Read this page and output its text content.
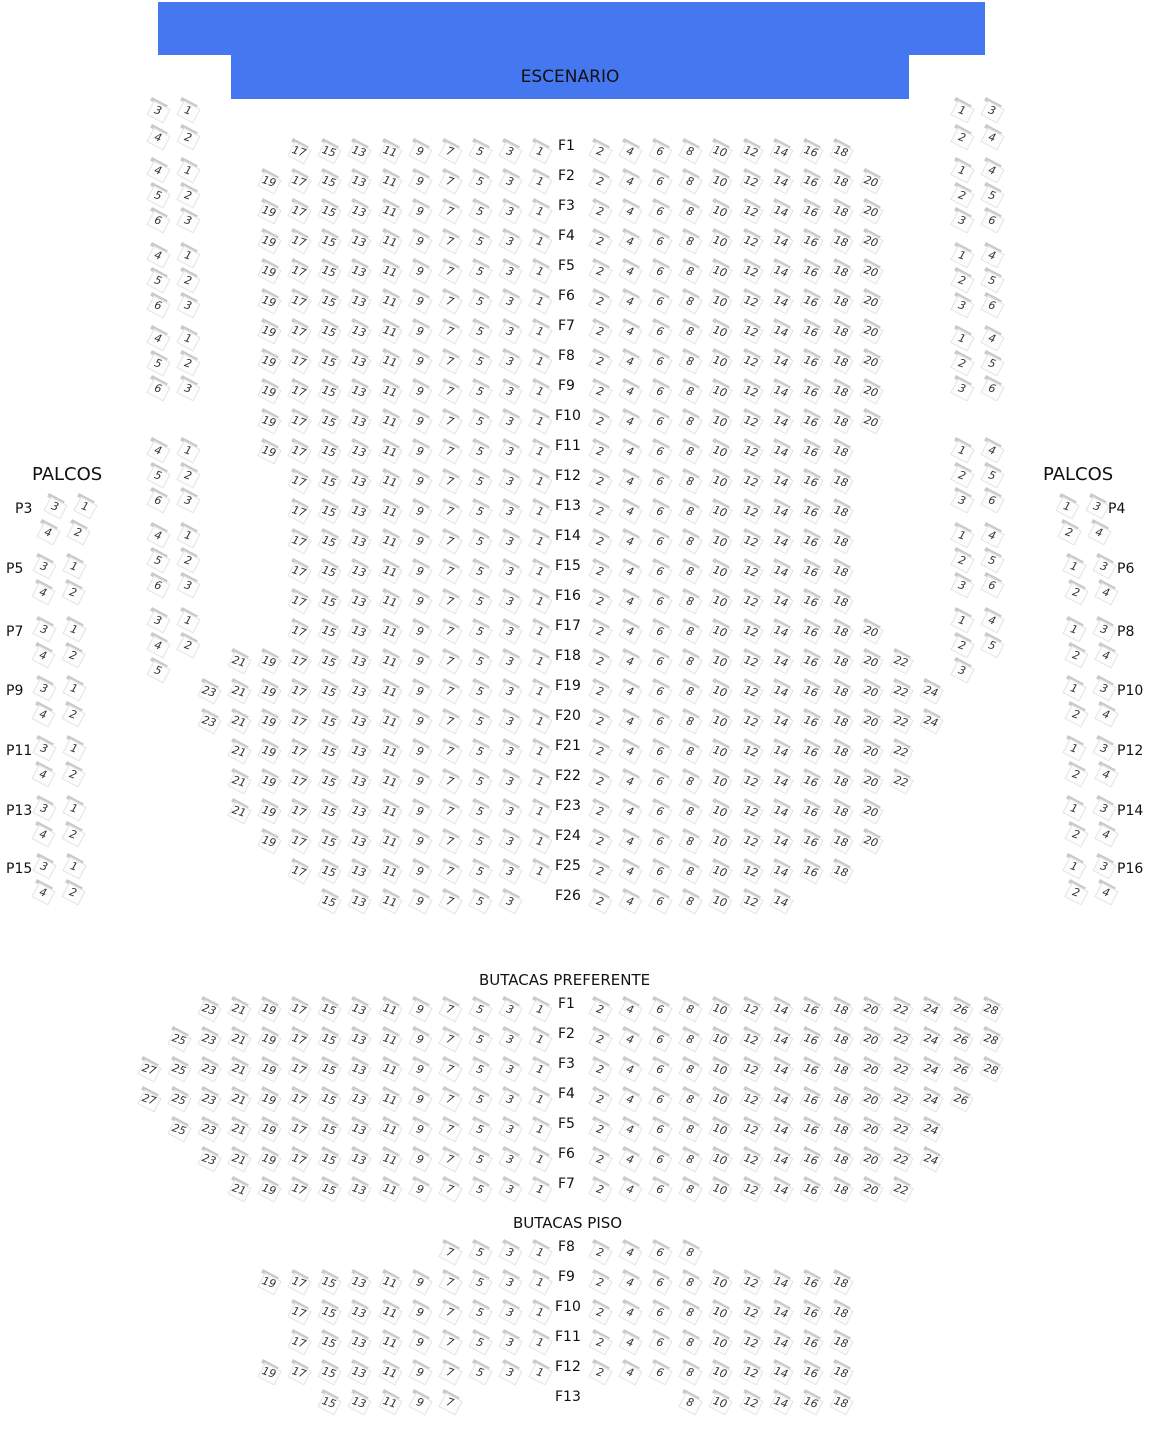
ESCENARIO
PALCOS	PALCOS
BUTACAS PREFERENTE
BUTACAS PISO
F1
17	15	13	11	9	7	5	3	1	2	4	6	8	10	12	14	16	18
F2
19	17	15	13	11	9	7	5	3	1	2	4	6	8	10	12	14	16	18	20
F3
19	17	15	13	11	9	7	5	3	1	2	4	6	8	10	12	14	16	18	20
F4
19	17	15	13	11	9	7	5	3	1	2	4	6	8	10	12	14	16	18	20
F5
19	17	15	13	11	9	7	5	3	1	2	4	6	8	10	12	14	16	18	20
F6
19	17	15	13	11	9	7	5	3	1	2	4	6	8	10	12	14	16	18	20
F7
19	17	15	13	11	9	7	5	3	1	2	4	6	8	10	12	14	16	18	20
F8
19	17	15	13	11	9	7	5	3	1	2	4	6	8	10	12	14	16	18	20
F9
19	17	15	13	11	9	7	5	3	1	2	4	6	8	10	12	14	16	18	20
F10
19	17	15	13	11	9	7	5	3	1	2	4	6	8	10	12	14	16	18	20
F11
19	17	15	13	11	9	7	5	3	1	2	4	6	8	10	12	14	16	18
F12
17	15	13	11	9	7	5	3	1	2	4	6	8	10	12	14	16	18
F13
17	15	13	11	9	7	5	3	1	2	4	6	8	10	12	14	16	18
F14
17	15	13	11	9	7	5	3	1	2	4	6	8	10	12	14	16	18
F15
17	15	13	11	9	7	5	3	1	2	4	6	8	10	12	14	16	18
F16
17	15	13	11	9	7	5	3	1	2	4	6	8	10	12	14	16	18
F17
17	15	13	11	9	7	5	3	1	2	4	6	8	10	12	14	16	18	20
F18
21	19	17	15	13	11	9	7	5	3	1	2	4	6	8	10	12	14	16	18	20	22
F19
23	21	19	17	15	13	11	9	7	5	3	1	2	4	6	8	10	12	14	16	18	20	22	24
F20
23	21	19	17	15	13	11	9	7	5	3	1	2	4	6	8	10	12	14	16	18	20	22	24
F21
21	19	17	15	13	11	9	7	5	3	1	2	4	6	8	10	12	14	16	18	20	22
F22
21	19	17	15	13	11	9	7	5	3	1	2	4	6	8	10	12	14	16	18	20	22
F23
21	19	17	15	13	11	9	7	5	3	1	2	4	6	8	10	12	14	16	18	20
F24
19	17	15	13	11	9	7	5	3	1	2	4	6	8	10	12	14	16	18	20
F25
17	15	13	11	9	7	5	3	1	2	4	6	8	10	12	14	16	18
F26
15	13	11	9	7	5	3	2	4	6	8	10	12	14
F1
23	21	19	17	15	13	11	9	7	5	3	1	2	4	6	8	10	12	14	16	18	20	22	24	26	28
F2
25	23	21	19	17	15	13	11	9	7	5	3	1	2	4	6	8	10	12	14	16	18	20	22	24	26	28
F3
27	25	23	21	19	17	15	13	11	9	7	5	3	1	2	4	6	8	10	12	14	16	18	20	22	24	26	28
F4
27	25	23	21	19	17	15	13	11	9	7	5	3	1	2	4	6	8	10	12	14	16	18	20	22	24	26
F5
25	23	21	19	17	15	13	11	9	7	5	3	1	2	4	6	8	10	12	14	16	18	20	22	24
F6
23	21	19	17	15	13	11	9	7	5	3	1	2	4	6	8	10	12	14	16	18	20	22	24
F7
21	19	17	15	13	11	9	7	5	3	1	2	4	6	8	10	12	14	16	18	20	22
F8
7	5	3	1	2	4	6	8
F9
19	17	15	13	11	9	7	5	3	1	2	4	6	8	10	12	14	16	18
F10
17	15	13	11	9	7	5	3	1	2	4	6	8	10	12	14	16	18
F11
17	15	13	11	9	7	5	3	1	2	4	6	8	10	12	14	16	18
F12
19	17	15	13	11	9	7	5	3	1	2	4	6	8	10	12	14	16	18
F13
15	13	11	9	7	8	10	12	14	16	18
3	1
4	2
4	1
5	2
6	3
4	1
5	2
6	3
4	1
5	2
6	3
4	1
5	2
6	3
4	1
5	2
6	3
3	1
4	2
5
1	3
2	4
1	4
2	5
3	6
1	4
2	5
3	6
1	4
2	5
3	6
1	4
2	5
3	6
1	4
2	5
3	6
1	4
2	5
3
P3	3	1
4	2
P5	3	1
4	2
P7	3	1
4	2
P9	3	1
4	2
P11 3	1
4	2
P13 3	1
4	2
P15 3	1
4	2
P4
1	3
2	4
P6
1	3
2	4
P8
1	3
2	4
P10
1	3
2	4
P12
1	3
2	4
P14
1	3
2	4
P16
1	3
2	4
